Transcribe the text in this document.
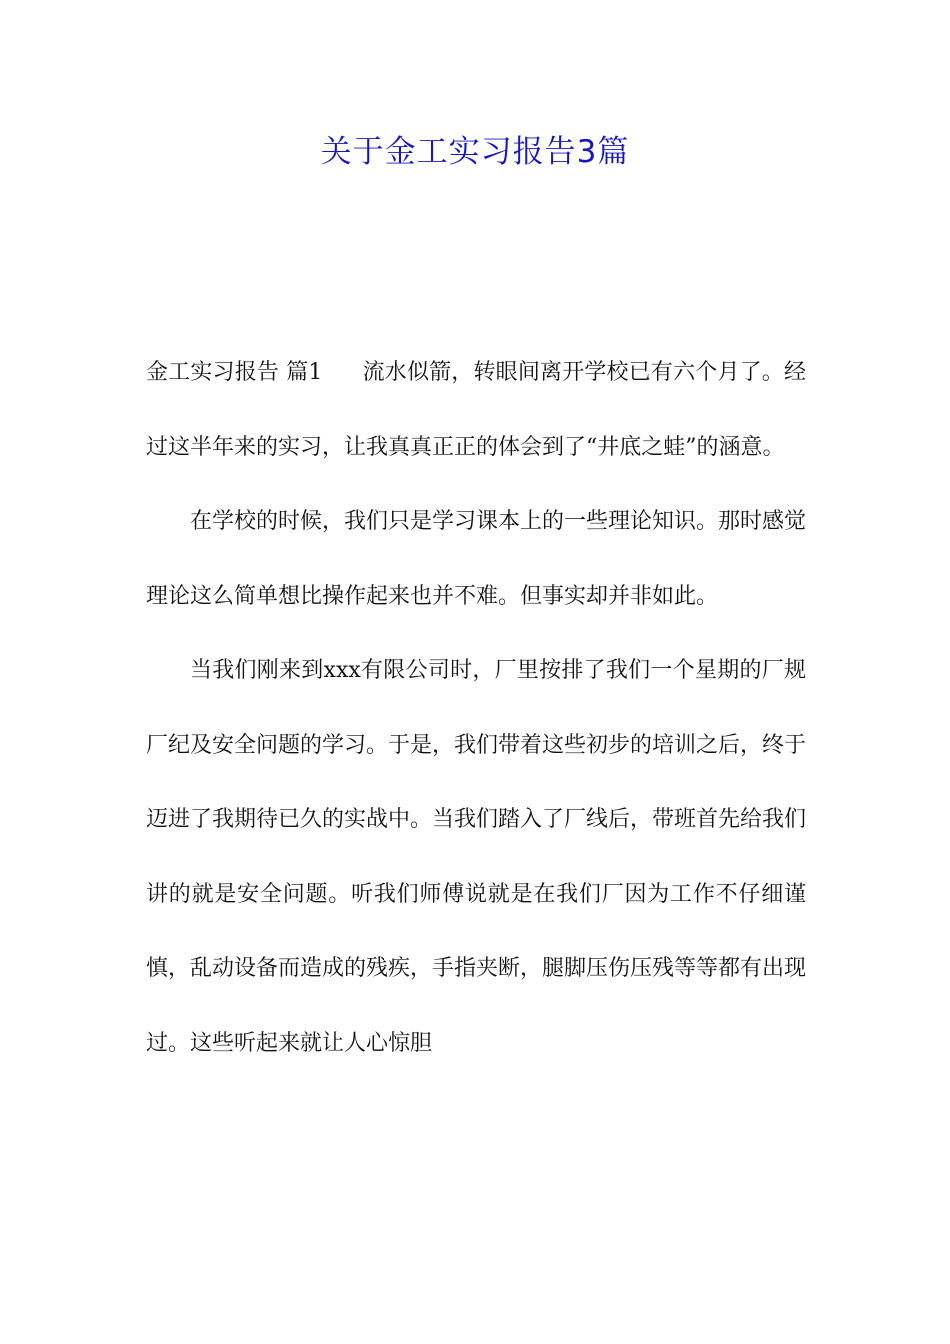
关于金工实习报告3篇

金工实习报告 篇1 流水似箭，转眼间离开学校已有六个月了。经过这半年来的实习，让我真真正正的体会到了“井底之蛙”的涵意。

在学校的时候，我们只是学习课本上的一些理论知识。那时感觉理论这么简单想比操作起来也并不难。但事实却并非如此。

当我们刚来到xxx有限公司时，厂里按排了我们一个星期的厂规厂纪及安全问题的学习。于是，我们带着这些初步的培训之后，终于迈进了我期待已久的实战中。当我们踏入了厂线后，带班首先给我们讲的就是安全问题。听我们师傅说就是在我们厂因为工作不仔细谨慎，乱动设备而造成的残疾，手指夹断，腿脚压伤压残等等都有出现过。这些听起来就让人心惊胆
